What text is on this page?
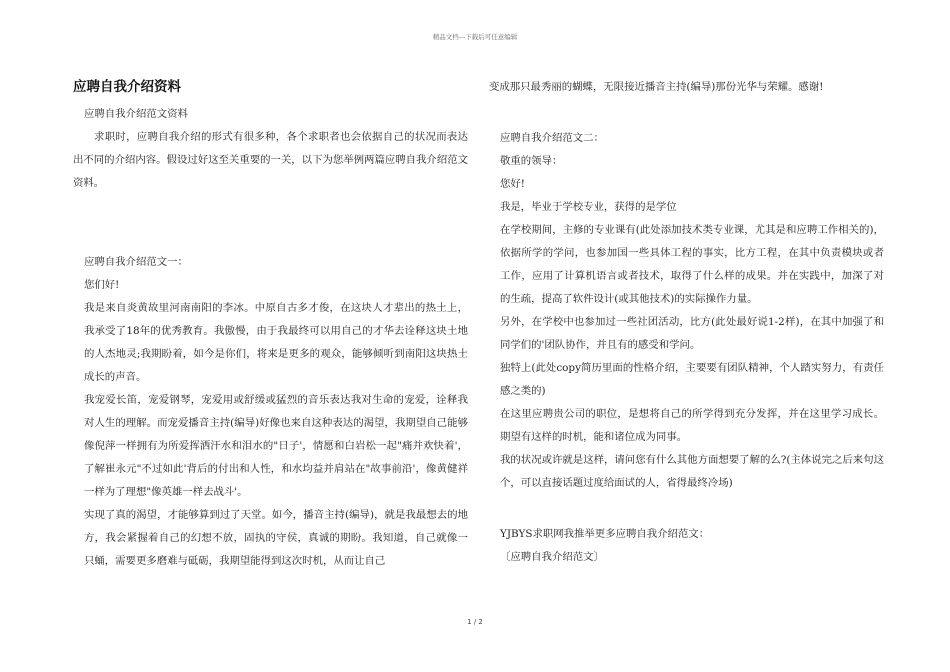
精品文档---下载后可任意编辑
应聘自我介绍资料

应聘自我介绍范文资料

求职时，应聘自我介绍的形式有很多种，各个求职者也会依据自己的状况而表达出不同的介绍内容。假设过好这至关重要的一关，以下为您举例两篇应聘自我介绍范文资料。

应聘自我介绍范文一：

您们好!

我是来自炎黄故里河南南阳的李冰。中原自古多才俊，在这块人才辈出的热土上，我承受了18年的优秀教育。我傲慢，由于我最终可以用自己的才华去诠释这块土地的人杰地灵;我期盼着，如今是你们，将来是更多的观众，能够倾听到南阳这块热土成长的声音。

我宠爱长笛，宠爱钢琴，宠爱用或舒缓或猛烈的音乐表达我对生命的宠爱，诠释我对人生的理解。而宠爱播音主持(编导)好像也来自这种表达的渴望，我期望自己能够像倪萍一样拥有为所爱挥洒汗水和泪水的"日子'，情愿和白岩松一起"痛并欢快着'，了解崔永元"不过如此'背后的付出和人性，和水均益并肩站在"故事前沿'，像黄健祥一样为了理想"像英雄一样去战斗'。

实现了真的渴望，才能够算到过了天堂。如今，播音主持(编导)，就是我最想去的地方，我会紧握着自己的幻想不放，固执的守侯，真诚的期盼。我知道，自己就像一只蛹，需要更多磨难与砥砺，我期望能得到这次时机，从而让自己

变成那只最秀丽的蝴蝶，无限接近播音主持(编导)那份光华与荣耀。感谢!

应聘自我介绍范文二：

敬重的领导：

您好!

我是，毕业于学校专业，获得的是学位

在学校期间，主修的专业课有(此处添加技术类专业课，尤其是和应聘工作相关的)，依据所学的学问，也参加国一些具体工程的事实，比方工程，在其中负责模块或者工作，应用了计算机语言或者技术，取得了什么样的成果。并在实践中，加深了对的生疏，提高了软件设计(或其他技术)的实际操作力量。

另外，在学校中也参加过一些社团活动，比方(此处最好说1-2样)，在其中加强了和同学们的'团队协作，并且有的感受和学问。

独特上(此处copy简历里面的性格介绍，主要要有团队精神，个人踏实努力，有责任感之类的)

在这里应聘贵公司的职位，是想将自己的所学得到充分发挥，并在这里学习成长。期望有这样的时机，能和诸位成为同事。

我的状况或许就是这样，请问您有什么其他方面想要了解的么?(主体说完之后来句这个，可以直接话题过度给面试的人，省得最终冷场)

YJBYS求职网我推举更多应聘自我介绍范文：

〔应聘自我介绍范文〕

1 / 2
